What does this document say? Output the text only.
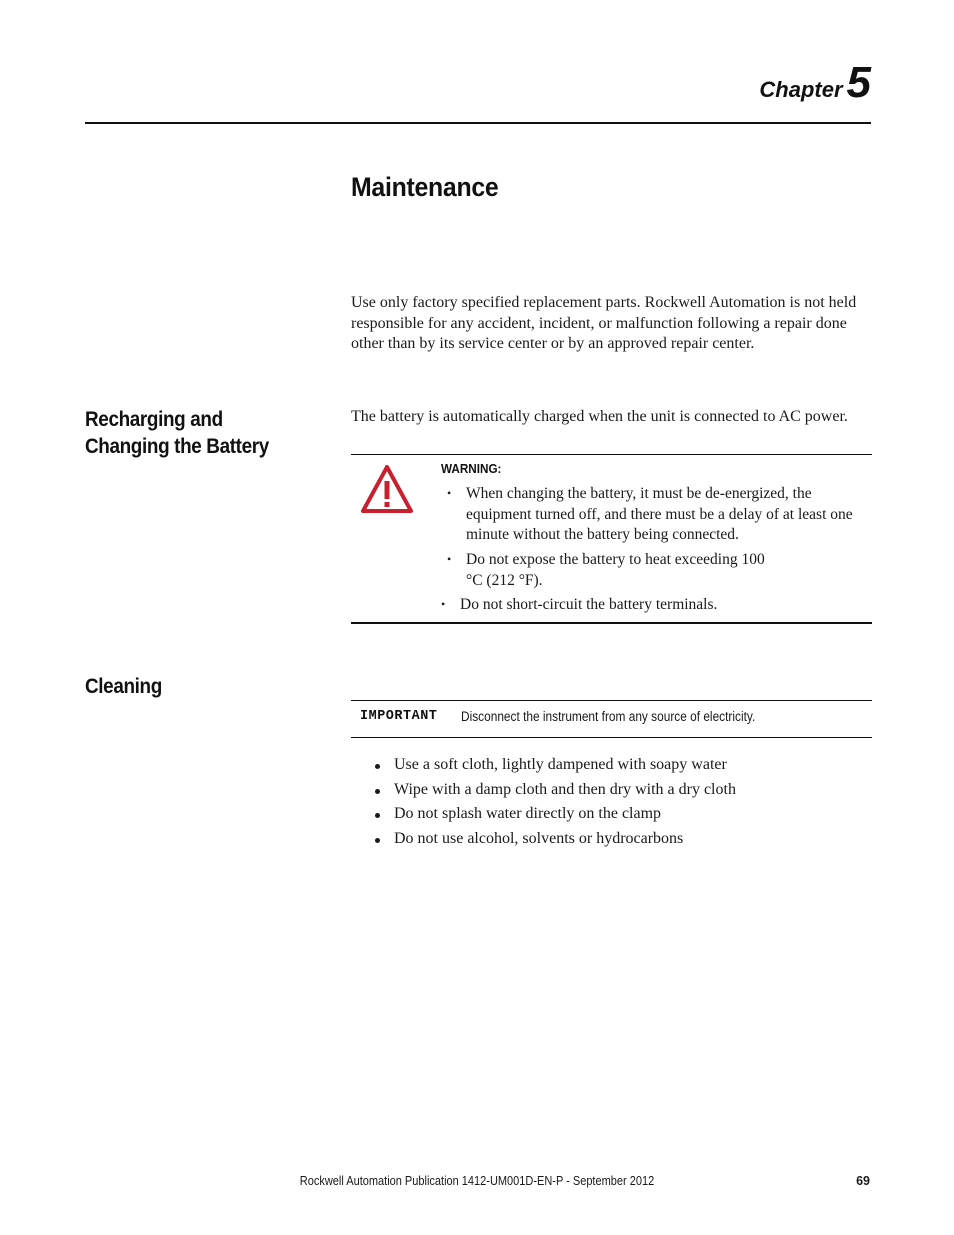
Chapter5
Maintenance
Use only factory specified replacement parts. Rockwell Automation is not held responsible for any accident, incident, or malfunction following a repair done other than by its service center or by an approved repair center.
Recharging and Changing the Battery
The battery is automatically charged when the unit is connected to AC power.
WARNING:
• When changing the battery, it must be de-energized, the equipment turned off, and there must be a delay of at least one minute without the battery being connected.
• Do not expose the battery to heat exceeding 100 °C (212 °F).
• Do not short-circuit the battery terminals.
Cleaning
IMPORTANT Disconnect the instrument from any source of electricity.
Use a soft cloth, lightly dampened with soapy water
Wipe with a damp cloth and then dry with a dry cloth
Do not splash water directly on the clamp
Do not use alcohol, solvents or hydrocarbons
Rockwell Automation Publication 1412-UM001D-EN-P - September 2012	69
